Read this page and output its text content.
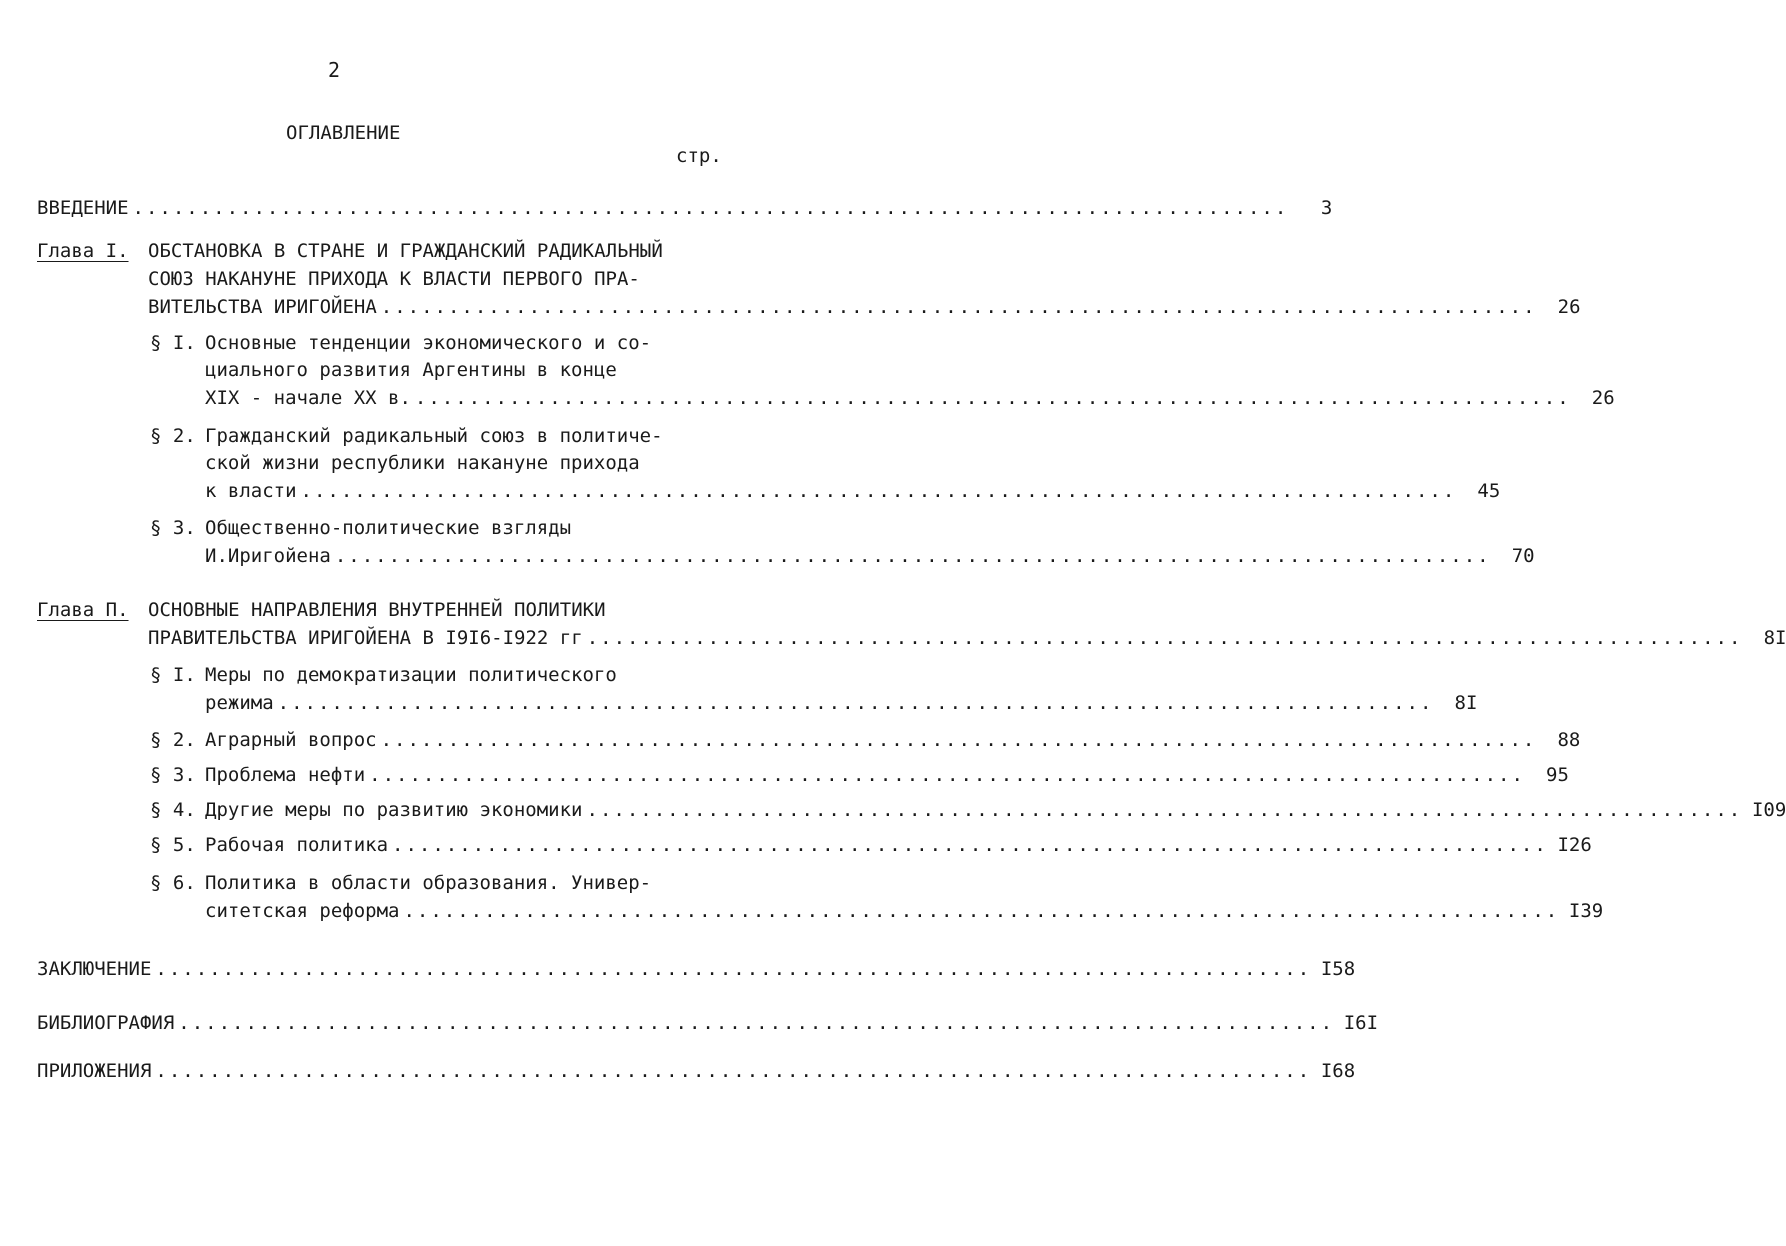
2
ОГЛАВЛЕНИЕ
стр.
ВВЕДЕНИЕ ......................................................................................	3
Глава I. ОБСТАНОВКА В СТРАНЕ И ГРАЖДАНСКИЙ РАДИКАЛЬНЫЙ
СОЮЗ НАКАНУНЕ ПРИХОДА К ВЛАСТИ ПЕРВОГО ПРА-
ВИТЕЛЬСТВА ИРИГОЙЕНА ......................................................................................	26
§ I. Основные тенденции экономического и со-
циального развития Аргентины в конце
XIX - начале XX в. ......................................................................................	26
§ 2. Гражданский радикальный союз в политиче-
ской жизни республики накануне прихода
к власти ......................................................................................	45
§ 3. Общественно-политические взгляды
И.Иригойена ......................................................................................	70
Глава П. ОСНОВНЫЕ НАПРАВЛЕНИЯ ВНУТРЕННЕЙ ПОЛИТИКИ
ПРАВИТЕЛЬСТВА ИРИГОЙЕНА В I9I6-I922 гг ......................................................................................	8I
§ I. Меры по демократизации политического
режима ......................................................................................	8I
§ 2. Аграрный вопрос ......................................................................................	88
§ 3. Проблема нефти ......................................................................................	95
§ 4. Другие меры по развитию экономики ...................................................................................... I09
§ 5. Рабочая политика ...................................................................................... I26
§ 6. Политика в области образования. Универ-
ситетская реформа ...................................................................................... I39
ЗАКЛЮЧЕНИЕ ...................................................................................... I58
БИБЛИОГРАФИЯ ...................................................................................... I6I
ПРИЛОЖЕНИЯ ...................................................................................... I68
